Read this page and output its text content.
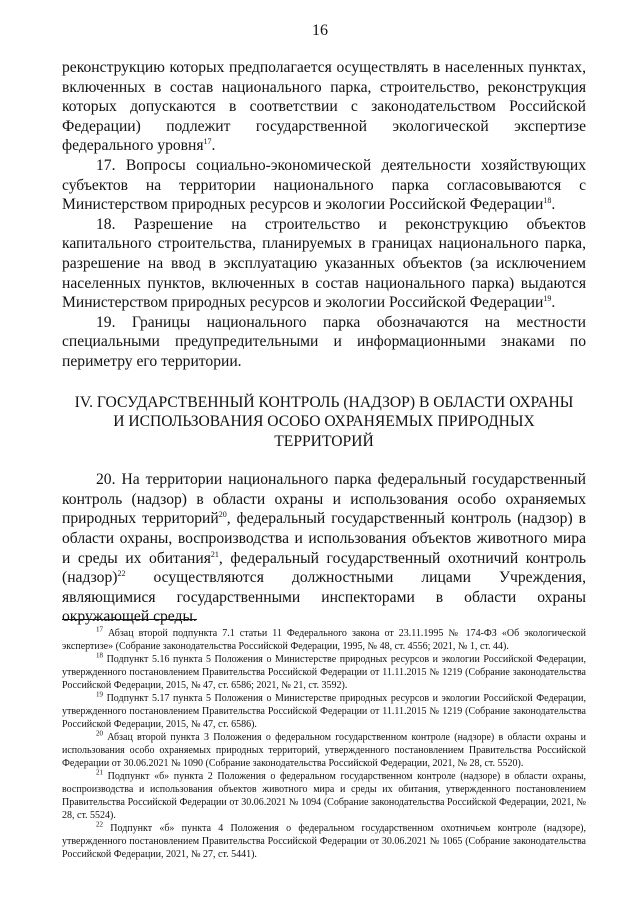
16

реконструкцию которых предполагается осуществлять в населенных пунктах, включенных в состав национального парка, строительство, реконструкция которых допускаются в соответствии с законодательством Российской Федерации) подлежит государственной экологической экспертизе федерального уровня$^{17}$.

17. Вопросы социально-экономической деятельности хозяйствующих субъектов на территории национального парка согласовываются с Министерством природных ресурсов и экологии Российской Федерации$^{18}$.

18. Разрешение на строительство и реконструкцию объектов капитального строительства, планируемых в границах национального парка, разрешение на ввод в эксплуатацию указанных объектов (за исключением населенных пунктов, включенных в состав национального парка) выдаются Министерством природных ресурсов и экологии Российской Федерации$^{19}$.

19. Границы национального парка обозначаются на местности специальными предупредительными и информационными знаками по периметру его территории.

IV. ГОСУДАРСТВЕННЫЙ КОНТРОЛЬ (НАДЗОР) В ОБЛАСТИ ОХРАНЫ
И ИСПОЛЬЗОВАНИЯ ОСОБО ОХРАНЯЕМЫХ ПРИРОДНЫХ ТЕРРИТОРИЙ

20. На территории национального парка федеральный государственный контроль (надзор) в области охраны и использования особо охраняемых природных территорий$^{20}$, федеральный государственный контроль (надзор) в области охраны, воспроизводства и использования объектов животного мира и среды их обитания$^{21}$, федеральный государственный охотничий контроль (надзор)$^{22}$ осуществляются должностными лицами Учреждения, являющимися государственными инспекторами в области охраны окружающей среды.

$^{17}$ Абзац второй подпункта 7.1 статьи 11 Федерального закона от 23.11.1995 № 174-ФЗ «Об экологической экспертизе» (Собрание законодательства Российской Федерации, 1995, № 48, ст. 4556; 2021, № 1, ст. 44).

$^{18}$ Подпункт 5.16 пункта 5 Положения о Министерстве природных ресурсов и экологии Российской Федерации, утвержденного постановлением Правительства Российской Федерации от 11.11.2015 № 1219 (Собрание законодательства Российской Федерации, 2015, № 47, ст. 6586; 2021, № 21, ст. 3592).

$^{19}$ Подпункт 5.17 пункта 5 Положения о Министерстве природных ресурсов и экологии Российской Федерации, утвержденного постановлением Правительства Российской Федерации от 11.11.2015 № 1219 (Собрание законодательства Российской Федерации, 2015, № 47, ст. 6586).

$^{20}$ Абзац второй пункта 3 Положения о федеральном государственном контроле (надзоре) в области охраны и использования особо охраняемых природных территорий, утвержденного постановлением Правительства Российской Федерации от 30.06.2021 № 1090 (Собрание законодательства Российской Федерации, 2021, № 28, ст. 5520).

$^{21}$ Подпункт «б» пункта 2 Положения о федеральном государственном контроле (надзоре) в области охраны, воспроизводства и использования объектов животного мира и среды их обитания, утвержденного постановлением Правительства Российской Федерации от 30.06.2021 № 1094 (Собрание законодательства Российской Федерации, 2021, № 28, ст. 5524).

$^{22}$ Подпункт «б» пункта 4 Положения о федеральном государственном охотничьем контроле (надзоре), утвержденного постановлением Правительства Российской Федерации от 30.06.2021 № 1065 (Собрание законодательства Российской Федерации, 2021, № 27, ст. 5441).
